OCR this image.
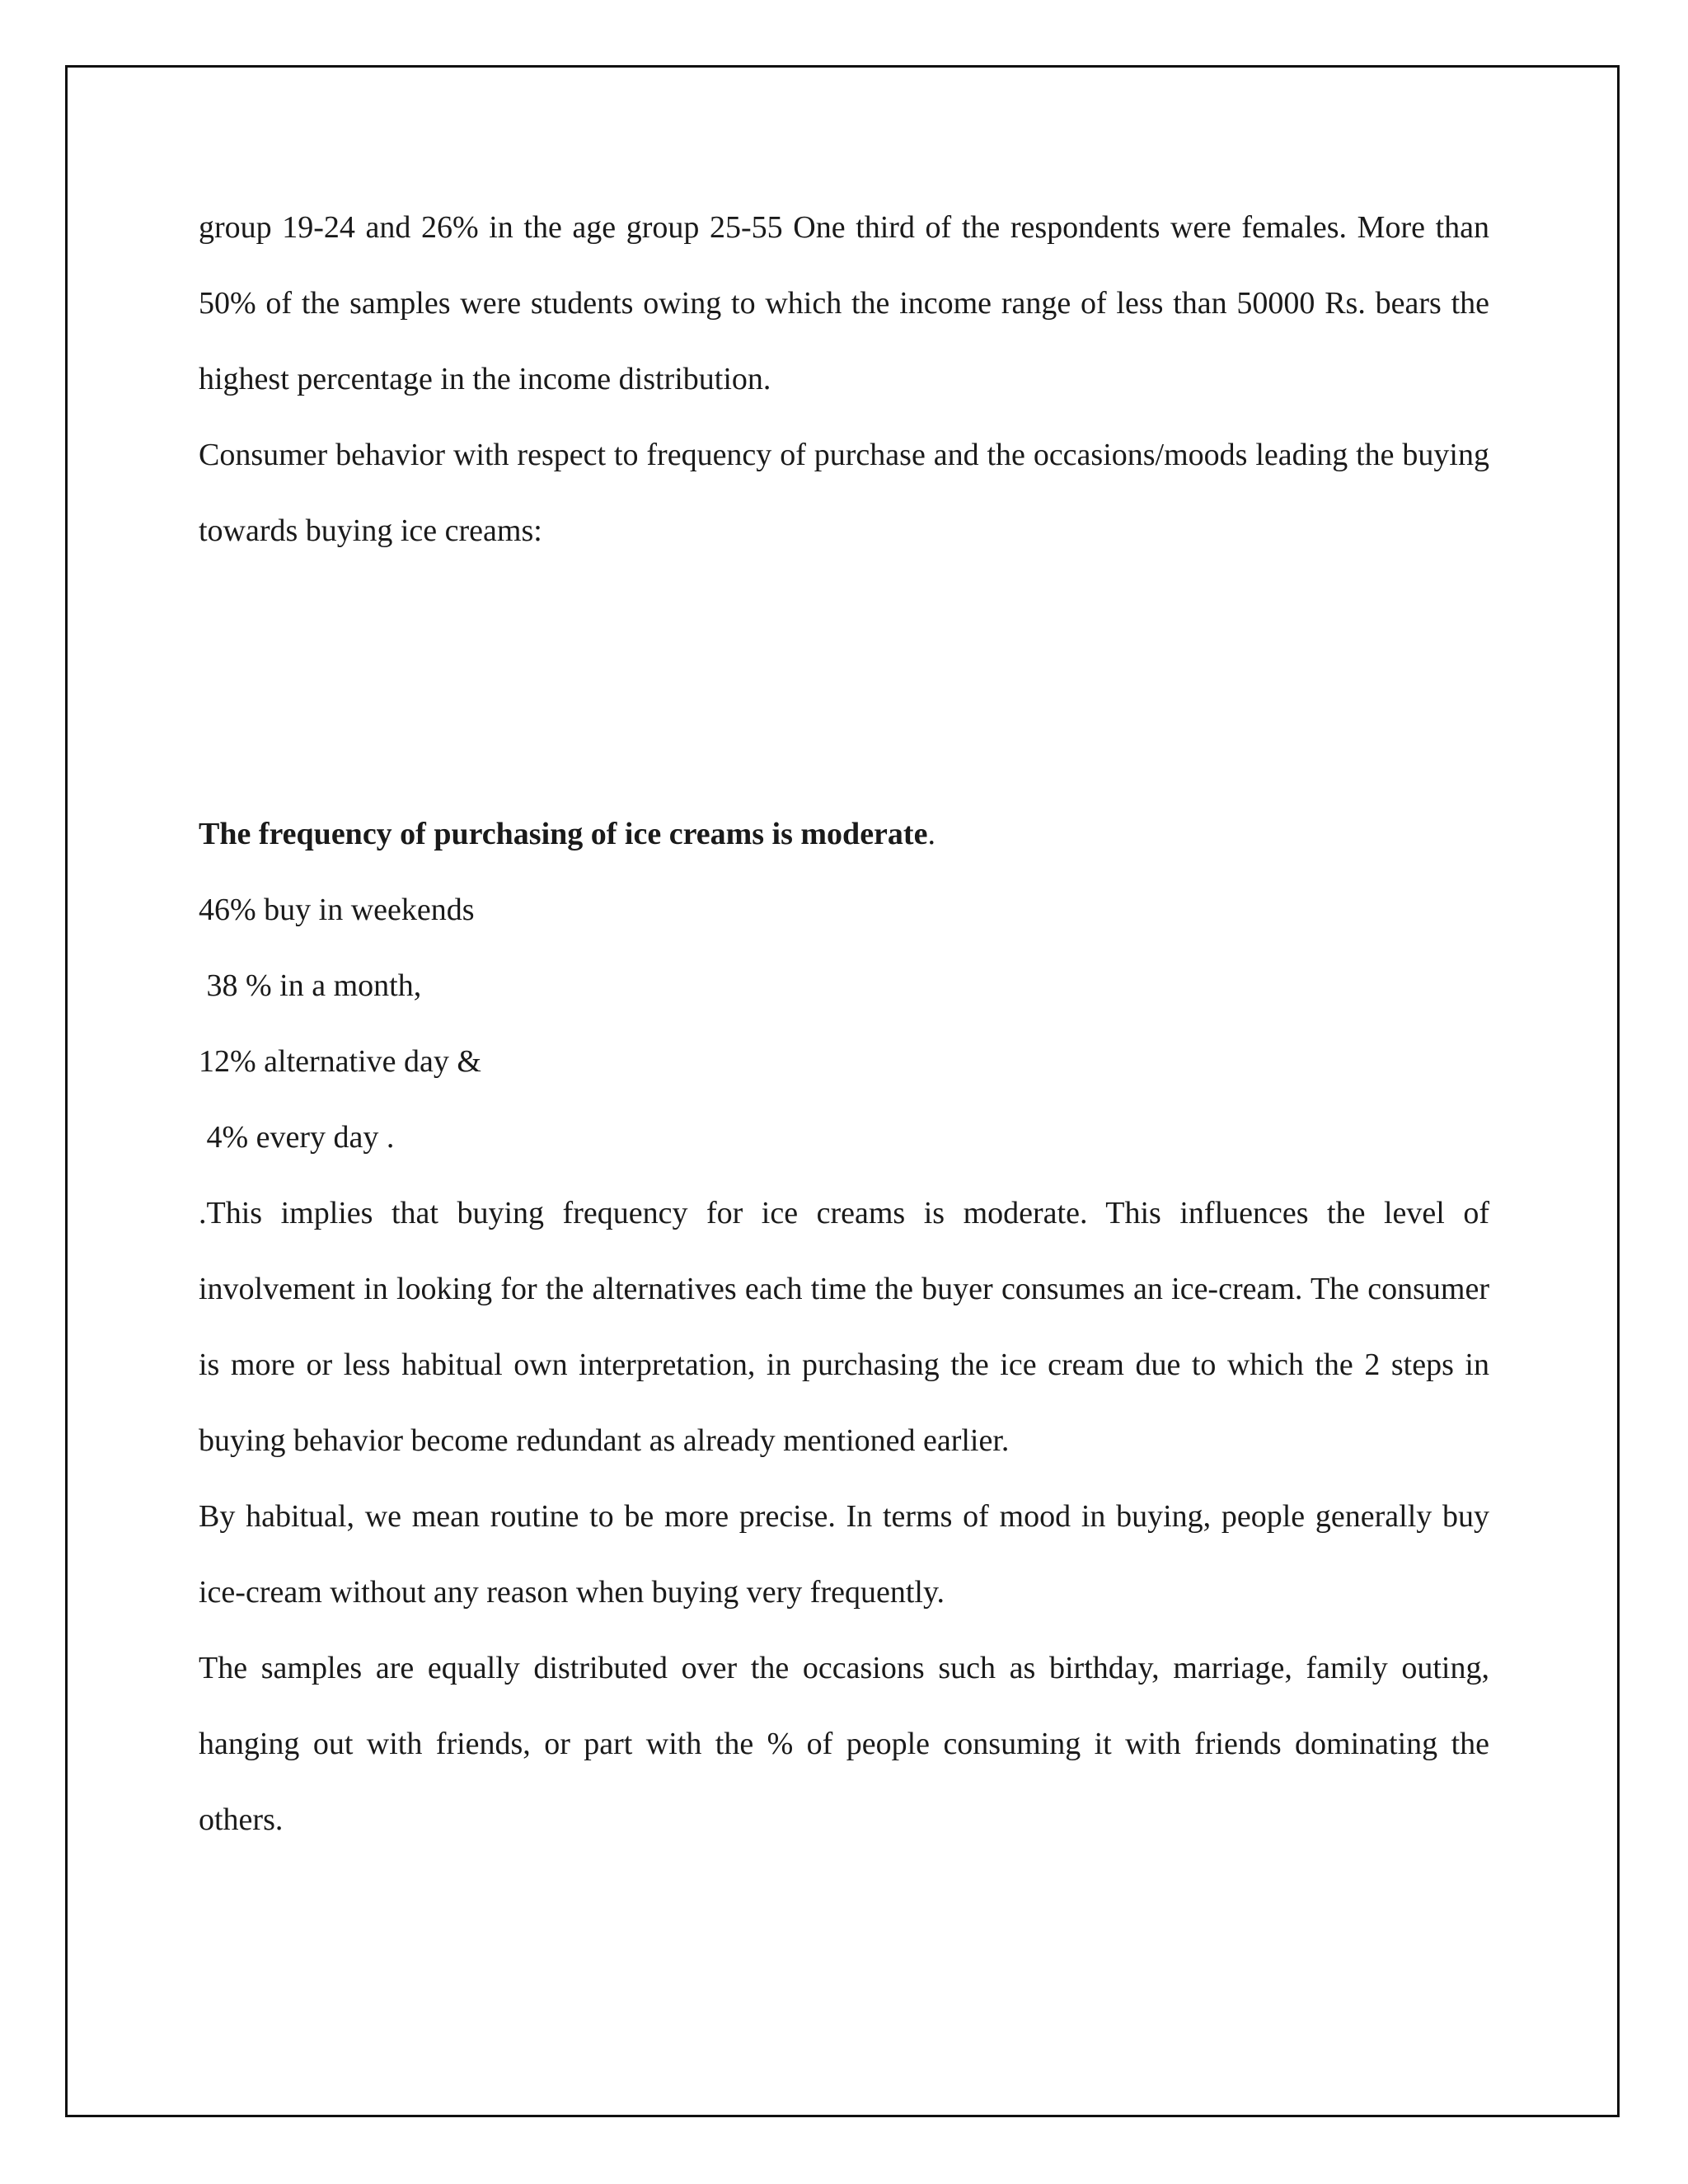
group 19-24 and 26% in the age group 25-55 One third of the respondents were females. More than 50% of the samples were students owing to which the income range of less than 50000 Rs. bears the highest percentage in the income distribution.

Consumer behavior with respect to frequency of purchase and the occasions/moods leading the buying towards buying ice creams:

The frequency of purchasing of ice creams is moderate.

46% buy in weekends

38 % in a month,

12% alternative day &

4% every day .

.This implies that buying frequency for ice creams is moderate. This influences the level of involvement in looking for the alternatives each time the buyer consumes an ice-cream. The consumer is more or less habitual own interpretation, in purchasing the ice cream due to which the 2 steps in buying behavior become redundant as already mentioned earlier.

By habitual, we mean routine to be more precise. In terms of mood in buying, people generally buy ice-cream without any reason when buying very frequently.

The samples are equally distributed over the occasions such as birthday, marriage, family outing, hanging out with friends, or part with the % of people consuming it with friends dominating the others.
